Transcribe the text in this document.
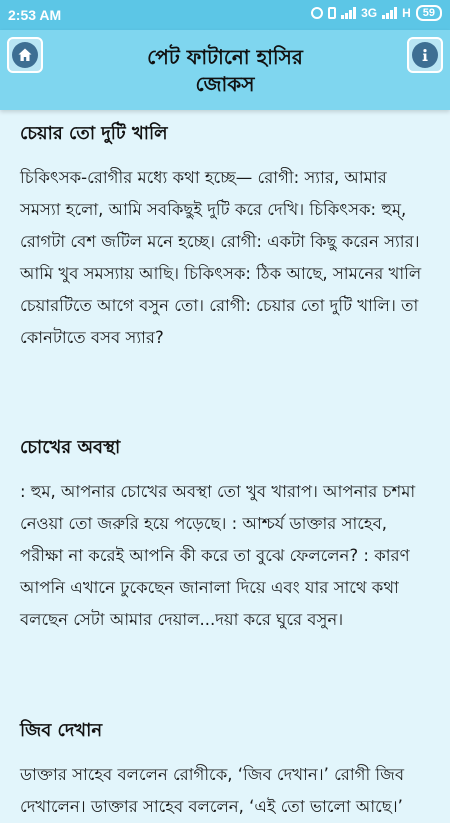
2:53 AM	3G H	59
পেট ফাটানো হাসির
জোকস
চেয়ার তো দুটি খালি
চিকিৎসক-রোগীর মধ্যে কথা হচ্ছে— রোগী: স্যার, আমার সমস্যা হলো, আমি সবকিছুই দুটি করে দেখি। চিকিৎসক: হুম্, রোগটা বেশ জটিল মনে হচ্ছে। রোগী: একটা কিছু করেন স্যার। আমি খুব সমস্যায় আছি। চিকিৎসক: ঠিক আছে, সামনের খালি চেয়ারটিতে আগে বসুন তো। রোগী: চেয়ার তো দুটি খালি। তা কোনটাতে বসব স্যার?
চোখের অবস্থা
: হুম, আপনার চোখের অবস্থা তো খুব খারাপ। আপনার চশমা নেওয়া তো জরুরি হয়ে পড়েছে। : আশ্চর্য ডাক্তার সাহেব, পরীক্ষা না করেই আপনি কী করে তা বুঝে ফেললেন? : কারণ আপনি এখানে ঢুকেছেন জানালা দিয়ে এবং যার সাথে কথা বলছেন সেটা আমার দেয়াল...দয়া করে ঘুরে বসুন।
জিব দেখান
ডাক্তার সাহেব বললেন রোগীকে, ‘জিব দেখান।’ রোগী জিব দেখালেন। ডাক্তার সাহেব বললেন, ‘এই তো ভালো আছে।’
